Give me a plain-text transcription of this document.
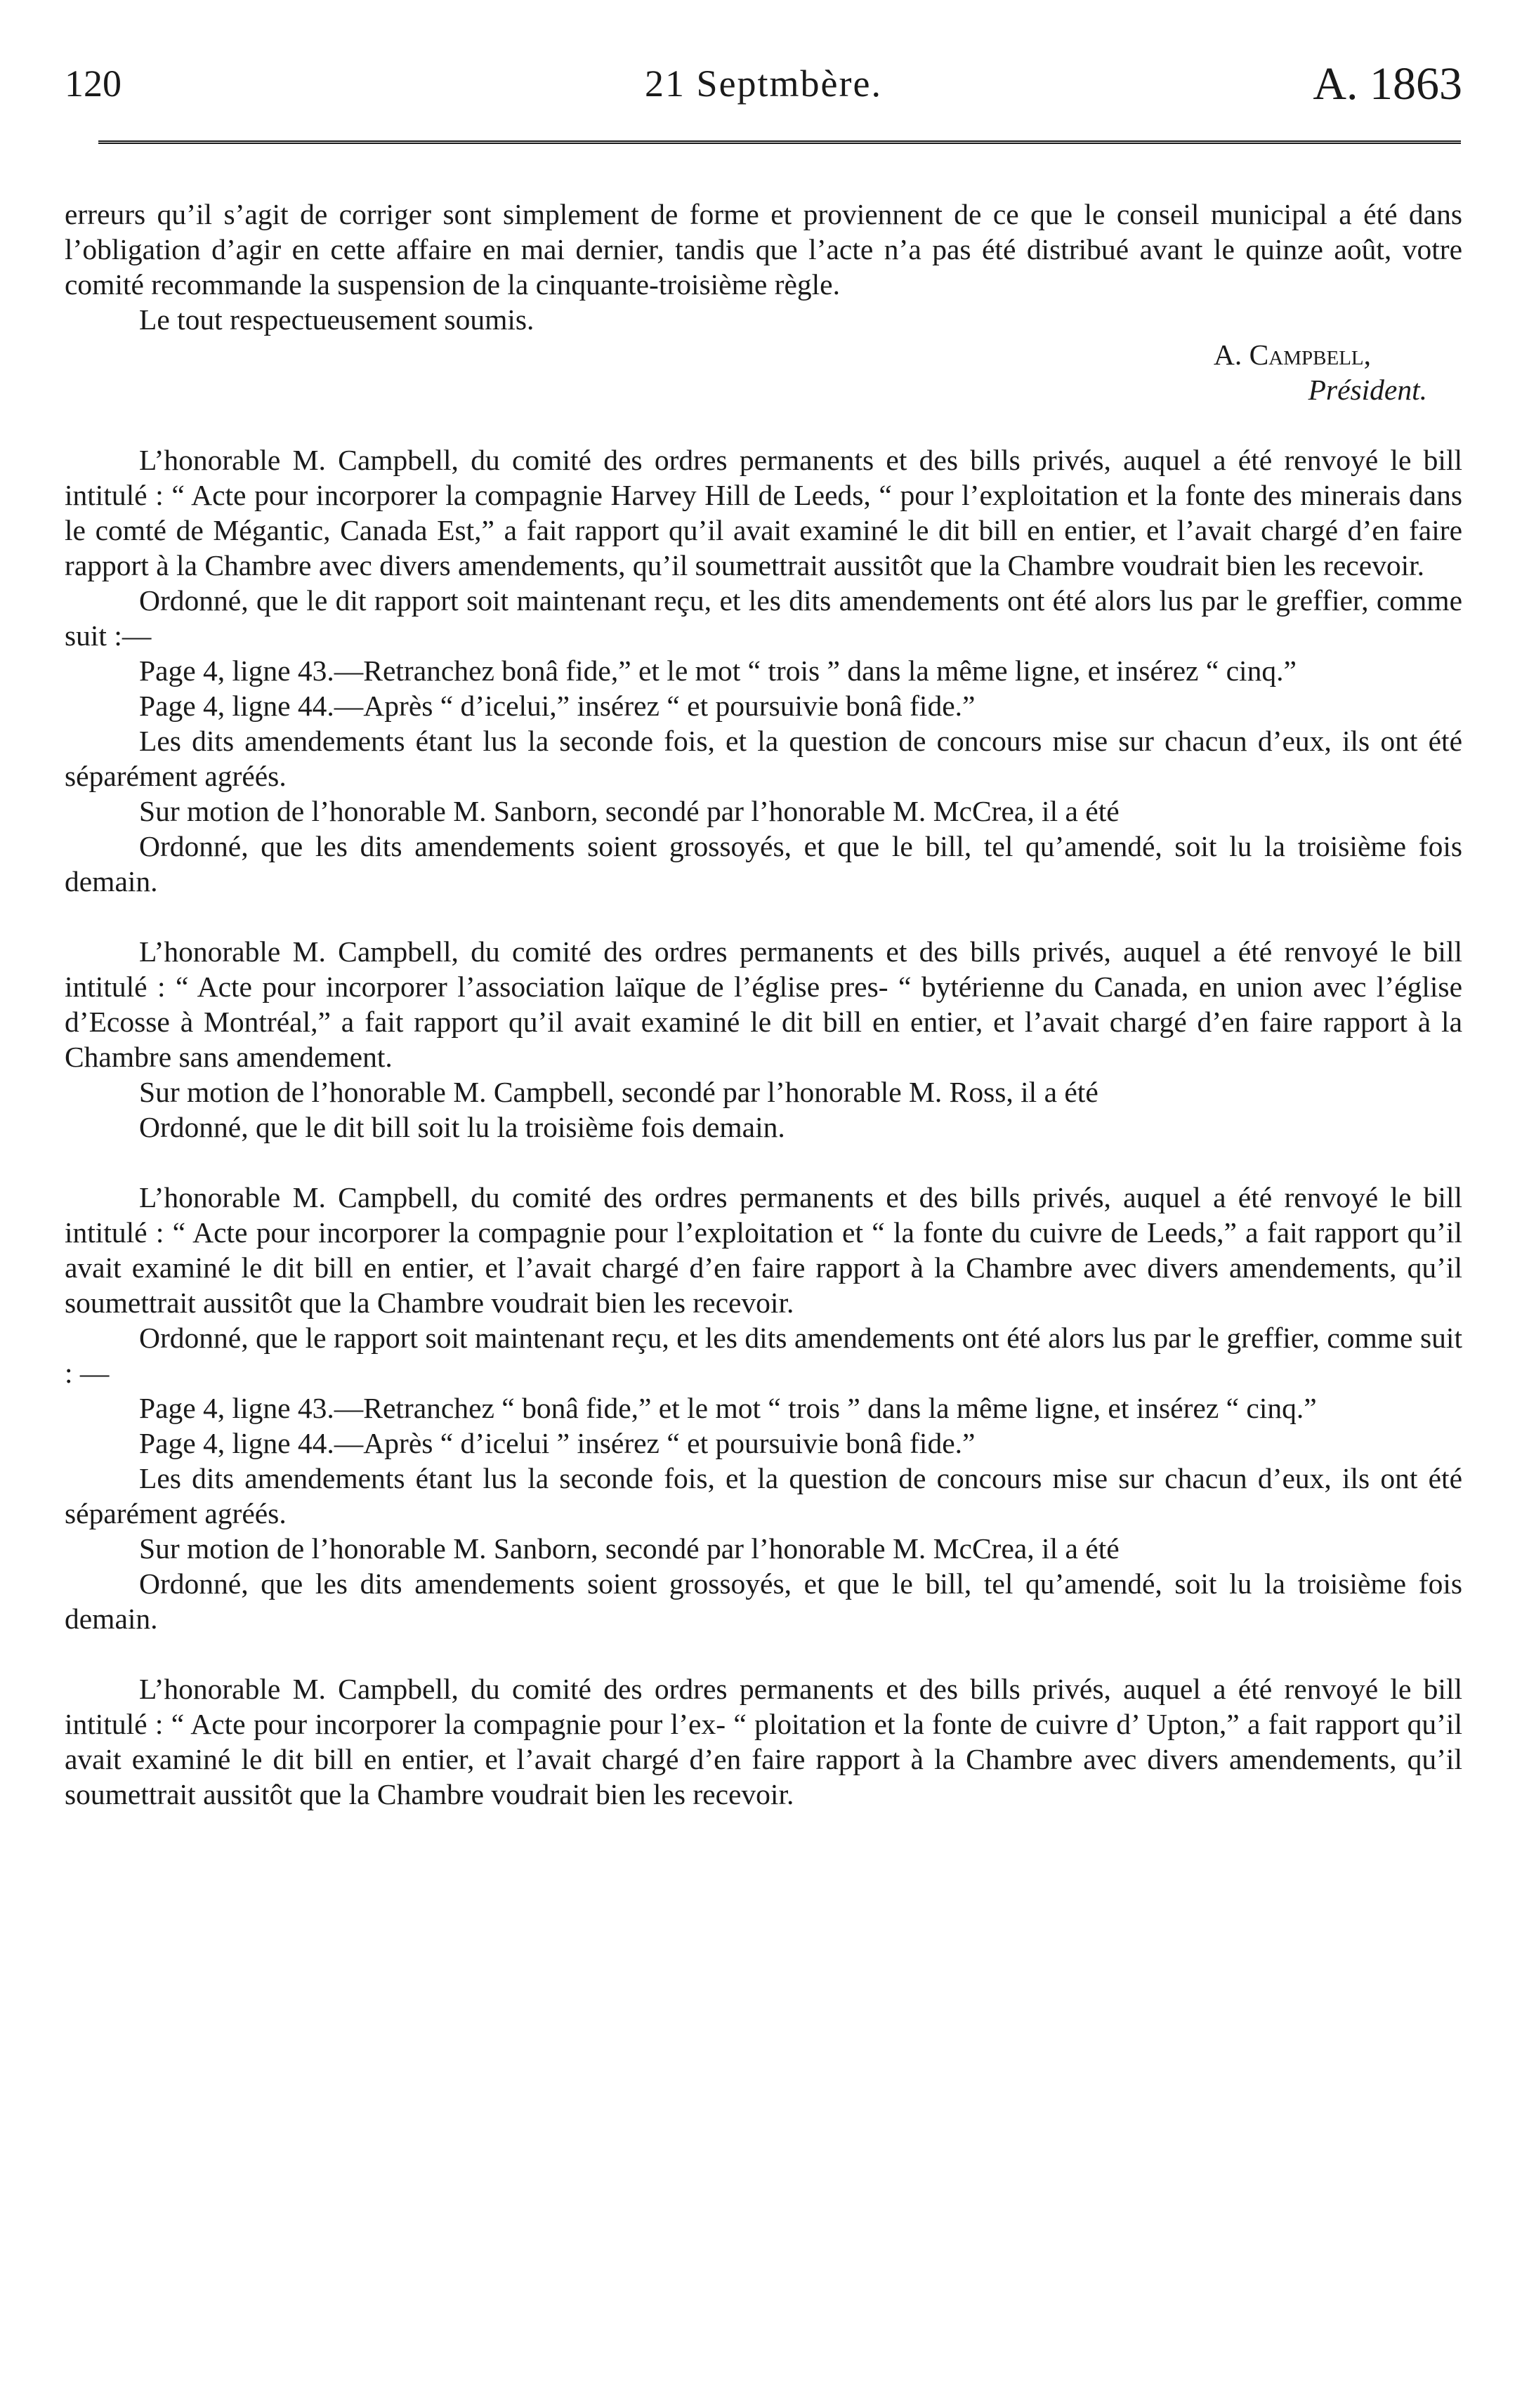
120	21 Septmbère.	A. 1863

erreurs qu’il s’agit de corriger sont simplement de forme et proviennent de ce que le conseil municipal a été dans l’obligation d’agir en cette affaire en mai dernier, tandis que l’acte n’a pas été distribué avant le quinze août, votre comité recommande la suspension de la cinquante-troisième règle.

Le tout respectueusement soumis.

A. Campbell,
Président.

L’honorable M. Campbell, du comité des ordres permanents et des bills privés, auquel a été renvoyé le bill intitulé : “ Acte pour incorporer la compagnie Harvey Hill de Leeds, “ pour l’exploitation et la fonte des minerais dans le comté de Mégantic, Canada Est,” a fait rapport qu’il avait examiné le dit bill en entier, et l’avait chargé d’en faire rapport à la Chambre avec divers amendements, qu’il soumettrait aussitôt que la Chambre voudrait bien les recevoir.

Ordonné, que le dit rapport soit maintenant reçu, et les dits amendements ont été alors lus par le greffier, comme suit :—

Page 4, ligne 43.—Retranchez bonâ fide,” et le mot “ trois ” dans la même ligne, et insérez “ cinq.”

Page 4, ligne 44.—Après “ d’icelui,” insérez “ et poursuivie bonâ fide.”

Les dits amendements étant lus la seconde fois, et la question de concours mise sur chacun d’eux, ils ont été séparément agréés.

Sur motion de l’honorable M. Sanborn, secondé par l’honorable M. McCrea, il a été

Ordonné, que les dits amendements soient grossoyés, et que le bill, tel qu’amendé, soit lu la troisième fois demain.

L’honorable M. Campbell, du comité des ordres permanents et des bills privés, auquel a été renvoyé le bill intitulé : “ Acte pour incorporer l’association laïque de l’église pres- “ bytérienne du Canada, en union avec l’église d’Ecosse à Montréal,” a fait rapport qu’il avait examiné le dit bill en entier, et l’avait chargé d’en faire rapport à la Chambre sans amendement.

Sur motion de l’honorable M. Campbell, secondé par l’honorable M. Ross, il a été

Ordonné, que le dit bill soit lu la troisième fois demain.

L’honorable M. Campbell, du comité des ordres permanents et des bills privés, auquel a été renvoyé le bill intitulé : “ Acte pour incorporer la compagnie pour l’exploitation et “ la fonte du cuivre de Leeds,” a fait rapport qu’il avait examiné le dit bill en entier, et l’avait chargé d’en faire rapport à la Chambre avec divers amendements, qu’il soumettrait aussitôt que la Chambre voudrait bien les recevoir.

Ordonné, que le rapport soit maintenant reçu, et les dits amendements ont été alors lus par le greffier, comme suit : —

Page 4, ligne 43.—Retranchez “ bonâ fide,” et le mot “ trois ” dans la même ligne, et insérez “ cinq.”

Page 4, ligne 44.—Après “ d’icelui ” insérez “ et poursuivie bonâ fide.”

Les dits amendements étant lus la seconde fois, et la question de concours mise sur chacun d’eux, ils ont été séparément agréés.

Sur motion de l’honorable M. Sanborn, secondé par l’honorable M. McCrea, il a été

Ordonné, que les dits amendements soient grossoyés, et que le bill, tel qu’amendé, soit lu la troisième fois demain.

L’honorable M. Campbell, du comité des ordres permanents et des bills privés, auquel a été renvoyé le bill intitulé : “ Acte pour incorporer la compagnie pour l’ex- “ ploitation et la fonte de cuivre d’ Upton,” a fait rapport qu’il avait examiné le dit bill en entier, et l’avait chargé d’en faire rapport à la Chambre avec divers amendements, qu’il soumettrait aussitôt que la Chambre voudrait bien les recevoir.
